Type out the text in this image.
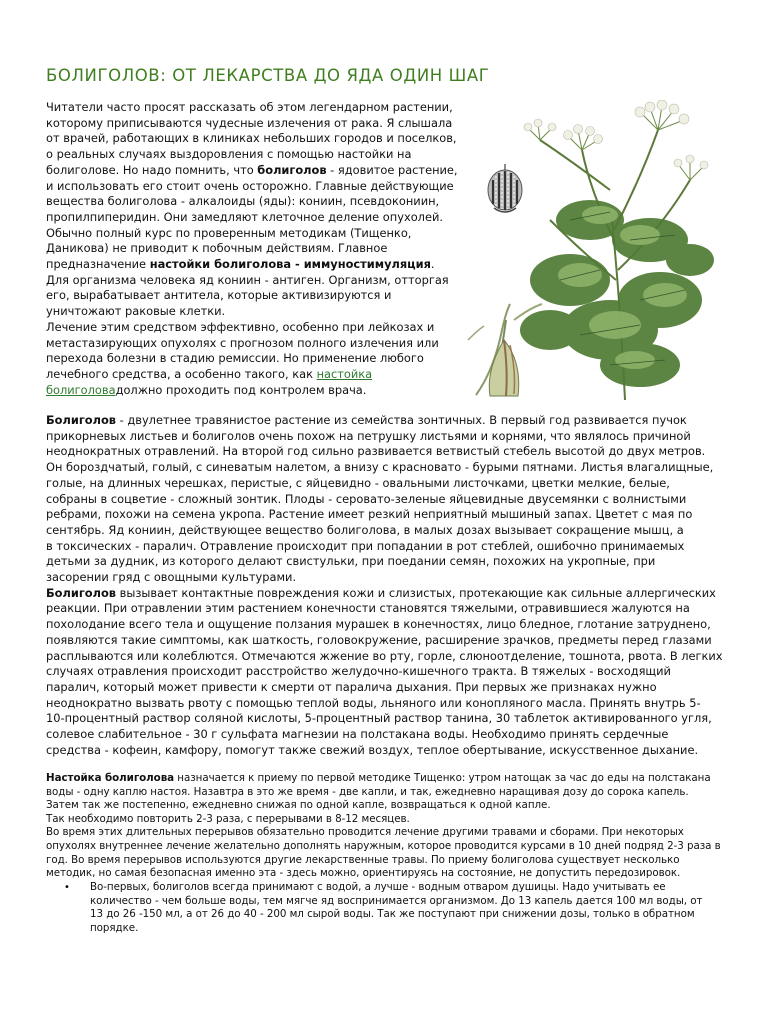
БОЛИГОЛОВ: ОТ ЛЕКАРСТВА ДО ЯДА ОДИН ШАГ
Читатели часто просят рассказать об этом легендарном растении,
которому приписываются чудесные излечения от рака. Я слышала
от врачей, работающих в клиниках небольших городов и поселков,
о реальных случаях выздоровления с помощью настойки на
болиголове. Но надо помнить, что болиголов - ядовитое растение,
и использовать его стоит очень осторожно. Главные действующие
вещества болиголова - алкалоиды (яды): кониин, псевдокониин,
пропилпиперидин. Они замедляют клеточное деление опухолей.
Обычно полный курс по проверенным методикам (Тищенко,
Даникова) не приводит к побочным действиям. Главное
предназначение настойки болиголова - иммуностимуляция.
Для организма человека яд кониин - антиген. Организм, отторгая
его, вырабатывает антитела, которые активизируются и
уничтожают раковые клетки.
Лечение этим средством эффективно, особенно при лейкозах и
метастазирующих опухолях с прогнозом полного излечения или
перехода болезни в стадию ремиссии. Но применение любого
лечебного средства, а особенно такого, как настойка
болиголовадолжно проходить под контролем врача.
Болиголов - двулетнее травянистое растение из семейства зонтичных. В первый год развивается пучок
прикорневых листьев и болиголов очень похож на петрушку листьями и корнями, что являлось причиной
неоднократных отравлений. На второй год сильно развивается ветвистый стебель высотой до двух метров.
Он бороздчатый, голый, с синеватым налетом, а внизу с красновато - бурыми пятнами. Листья влагалищные,
голые, на длинных черешках, перистые, с яйцевидно - овальными листочками, цветки мелкие, белые,
собраны в соцветие - сложный зонтик. Плоды - серовато-зеленые яйцевидные двусемянки с волнистыми
ребрами, похожи на семена укропа. Растение имеет резкий неприятный мышиный запах. Цветет с мая по
сентябрь. Яд кониин, действующее вещество болиголова, в малых дозах вызывает сокращение мышц, а
в токсических - паралич. Отравление происходит при попадании в рот стеблей, ошибочно принимаемых
детьми за дудник, из которого делают свистульки, при поедании семян, похожих на укропные, при
засорении гряд с овощными культурами.
Болиголов вызывает контактные повреждения кожи и слизистых, протекающие как сильные аллергических
реакции. При отравлении этим растением конечности становятся тяжелыми, отравившиеся жалуются на
похолодание всего тела и ощущение ползания мурашек в конечностях, лицо бледное, глотание затруднено,
появляются такие симптомы, как шаткость, головокружение, расширение зрачков, предметы перед глазами
расплываются или колеблются. Отмечаются жжение во рту, горле, слюноотделение, тошнота, рвота. В легких
случаях отравления происходит расстройство желудочно-кишечного тракта. В тяжелых - восходящий
паралич, который может привести к смерти от паралича дыхания. При первых же признаках нужно
неоднократно вызвать рвоту с помощью теплой воды, льняного или конопляного масла. Принять внутрь 5-
10-процентный раствор соляной кислоты, 5-процентный раствор танина, 30 таблеток активированного угля,
солевое слабительное - 30 г сульфата магнезии на полстакана воды. Необходимо принять сердечные
средства - кофеин, камфору, помогут также свежий воздух, теплое обертывание, искусственное дыхание.
Настойка болиголова назначается к приему по первой методике Тищенко: утром натощак за час до еды на полстакана
воды - одну каплю настоя. Назавтра в это же время - две капли, и так, ежедневно наращивая дозу до сорока капель.
Затем так же постепенно, ежедневно снижая по одной капле, возвращаться к одной капле.
Так необходимо повторить 2-3 раза, с перерывами в 8-12 месяцев.
Во время этих длительных перерывов обязательно проводится лечение другими травами и сборами. При некоторых
опухолях внутреннее лечение желательно дополнять наружным, которое проводится курсами в 10 дней подряд 2-3 раза в
год. Во время перерывов используются другие лекарственные травы. По приему болиголова существует несколько
методик, но самая безопасная именно эта - здесь можно, ориентируясь на состояние, не допустить передозировок.
• Во-первых, болиголов всегда принимают с водой, а лучше - водным отваром душицы. Надо учитывать ее
количество - чем больше воды, тем мягче яд воспринимается организмом. До 13 капель дается 100 мл воды, от
13 до 26 -150 мл, а от 26 до 40 - 200 мл сырой воды. Так же поступают при снижении дозы, только в обратном
порядке.
